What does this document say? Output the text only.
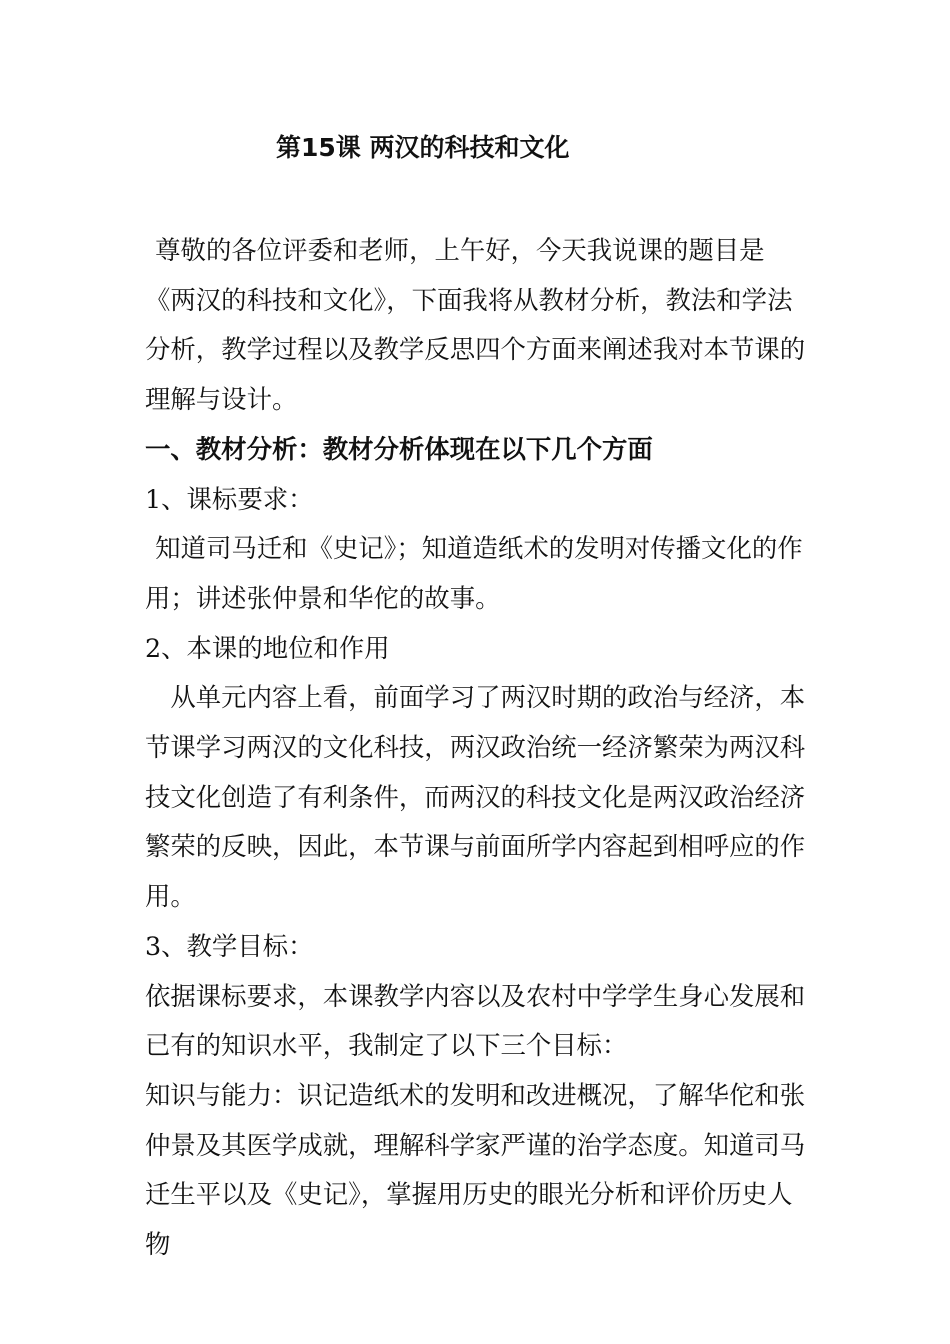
第15课 两汉的科技和文化

尊敬的各位评委和老师，上午好，今天我说课的题目是《两汉的科技和文化》，下面我将从教材分析，教法和学法分析，教学过程以及教学反思四个方面来阐述我对本节课的理解与设计。

一、教材分析：教材分析体现在以下几个方面

1、课标要求：

知道司马迁和《史记》；知道造纸术的发明对传播文化的作用；讲述张仲景和华佗的故事。

2、本课的地位和作用

从单元内容上看，前面学习了两汉时期的政治与经济，本节课学习两汉的文化科技，两汉政治统一经济繁荣为两汉科技文化创造了有利条件，而两汉的科技文化是两汉政治经济繁荣的反映，因此，本节课与前面所学内容起到相呼应的作用。

3、教学目标：

依据课标要求，本课教学内容以及农村中学学生身心发展和已有的知识水平，我制定了以下三个目标：

知识与能力：识记造纸术的发明和改进概况，了解华佗和张仲景及其医学成就，理解科学家严谨的治学态度。知道司马迁生平以及《史记》，掌握用历史的眼光分析和评价历史人物
